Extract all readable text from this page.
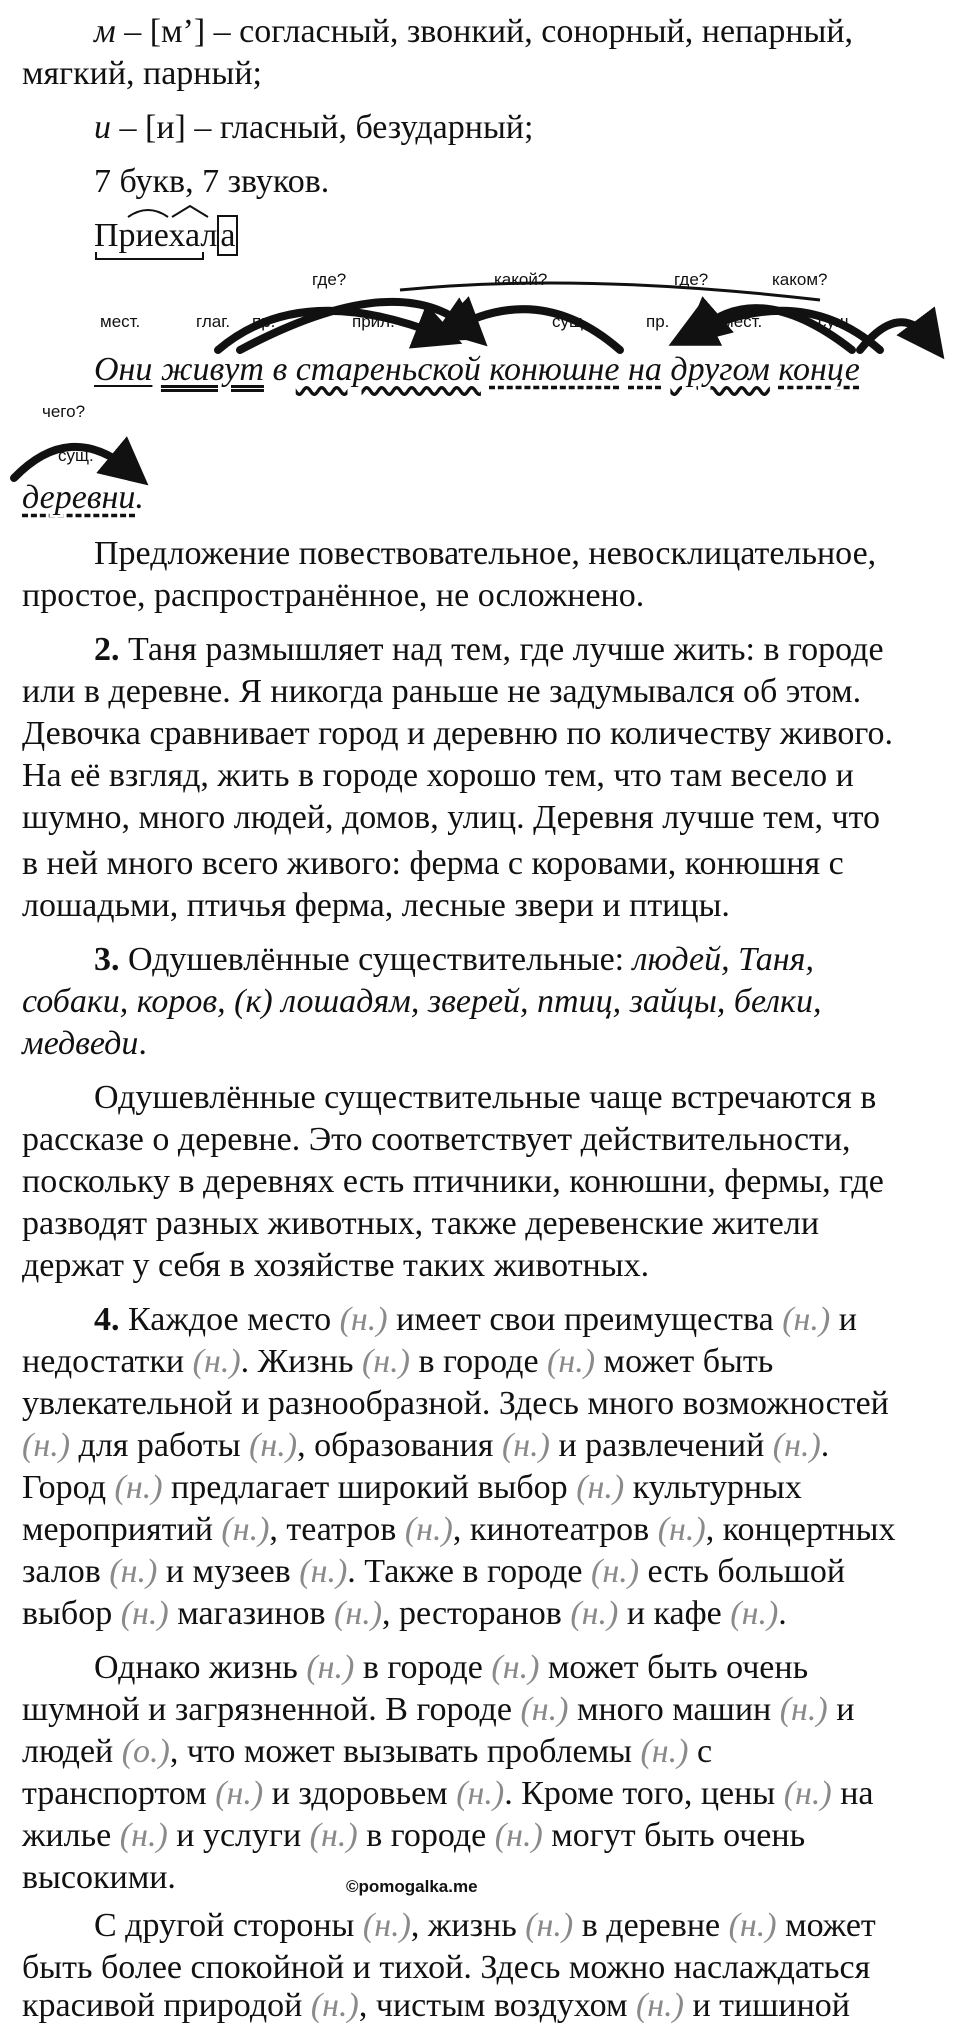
м – [м’] – согласный, звонкий, сонорный, непарный,
мягкий, парный;
и – [и] – гласный, безударный;
7 букв, 7 звуков.
Приехала
где?	какой?	где?	каком?
мест.	глаг. пр.	прил.	сущ.	пр.	мест.	сущ.
Они живут в стареньской конюшне на другом конце
чего?
сущ.
деревни.
Предложение повествовательное, невосклицательное,
простое, распространённое, не осложнено.
2. Таня размышляет над тем, где лучше жить: в городе
или в деревне. Я никогда раньше не задумывался об этом.
Девочка сравнивает город и деревню по количеству живого.
На её взгляд, жить в городе хорошо тем, что там весело и
шумно, много людей, домов, улиц. Деревня лучше тем, что
в ней много всего живого: ферма с коровами, конюшня с
лошадьми, птичья ферма, лесные звери и птицы.
3. Одушевлённые существительные: людей, Таня,
собаки, коров, (к) лошадям, зверей, птиц, зайцы, белки,
медведи.
Одушевлённые существительные чаще встречаются в
рассказе о деревне. Это соответствует действительности,
поскольку в деревнях есть птичники, конюшни, фермы, где
разводят разных животных, также деревенские жители
держат у себя в хозяйстве таких животных.
4. Каждое место (н.) имеет свои преимущества (н.) и
недостатки (н.). Жизнь (н.) в городе (н.) может быть
увлекательной и разнообразной. Здесь много возможностей
(н.) для работы (н.), образования (н.) и развлечений (н.).
Город (н.) предлагает широкий выбор (н.) культурных
мероприятий (н.), театров (н.), кинотеатров (н.), концертных
залов (н.) и музеев (н.). Также в городе (н.) есть большой
выбор (н.) магазинов (н.), ресторанов (н.) и кафе (н.).
Однако жизнь (н.) в городе (н.) может быть очень
шумной и загрязненной. В городе (н.) много машин (н.) и
людей (о.), что может вызывать проблемы (н.) с
транспортом (н.) и здоровьем (н.). Кроме того, цены (н.) на
жилье (н.) и услуги (н.) в городе (н.) могут быть очень
высокими.	©pomogalka.me
С другой стороны (н.), жизнь (н.) в деревне (н.) может
быть более спокойной и тихой. Здесь можно наслаждаться
красивой природой (н.), чистым воздухом (н.) и тишиной
